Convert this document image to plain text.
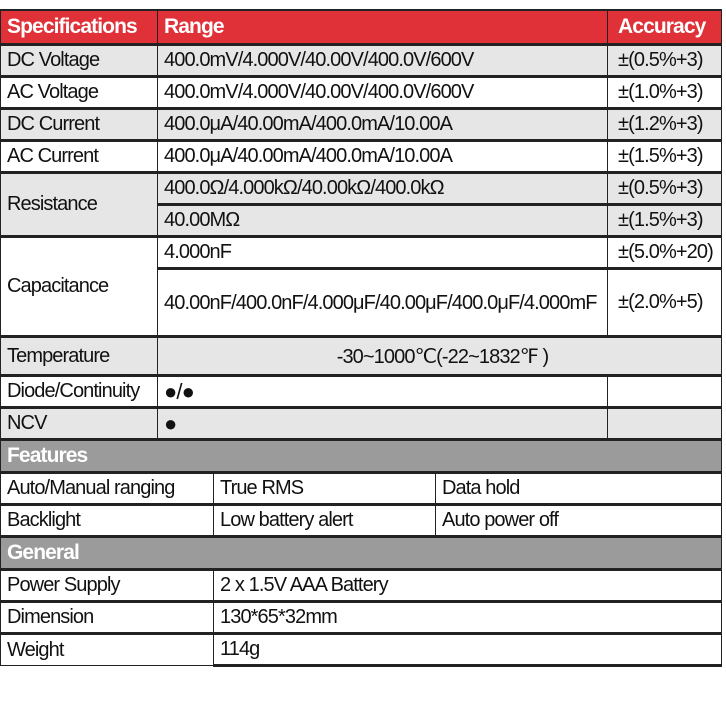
Specifications	Range			Accuracy
DC Voltage	400.0mV/4.000V/40.00V/400.0V/600V			±(0.5%+3)
AC Voltage	400.0mV/4.000V/40.00V/400.0V/600V			±(1.0%+3)
DC Current	400.0μA/40.00mA/400.0mA/10.00A			±(1.2%+3)
AC Current	400.0μA/40.00mA/400.0mA/10.00A			±(1.5%+3)
Resistance	400.0Ω/4.000kΩ/40.00kΩ/400.0kΩ			±(0.5%+3)
	40.00MΩ			±(1.5%+3)
Capacitance	4.000nF			±(5.0%+20)
	40.00nF/400.0nF/4.000μF/40.00μF/400.0μF/4.000mF			±(2.0%+5)
Temperature	-30~1000℃(-22~1832℉ )			
Diode/Continuity	●/●			
NCV	●			
Features				
Auto/Manual ranging		True RMS	Data hold	
Backlight		Low battery alert	Auto power off	
General				
Power Supply		2 x 1.5V AAA Battery		
Dimension		130*65*32mm		
Weight		114g		
